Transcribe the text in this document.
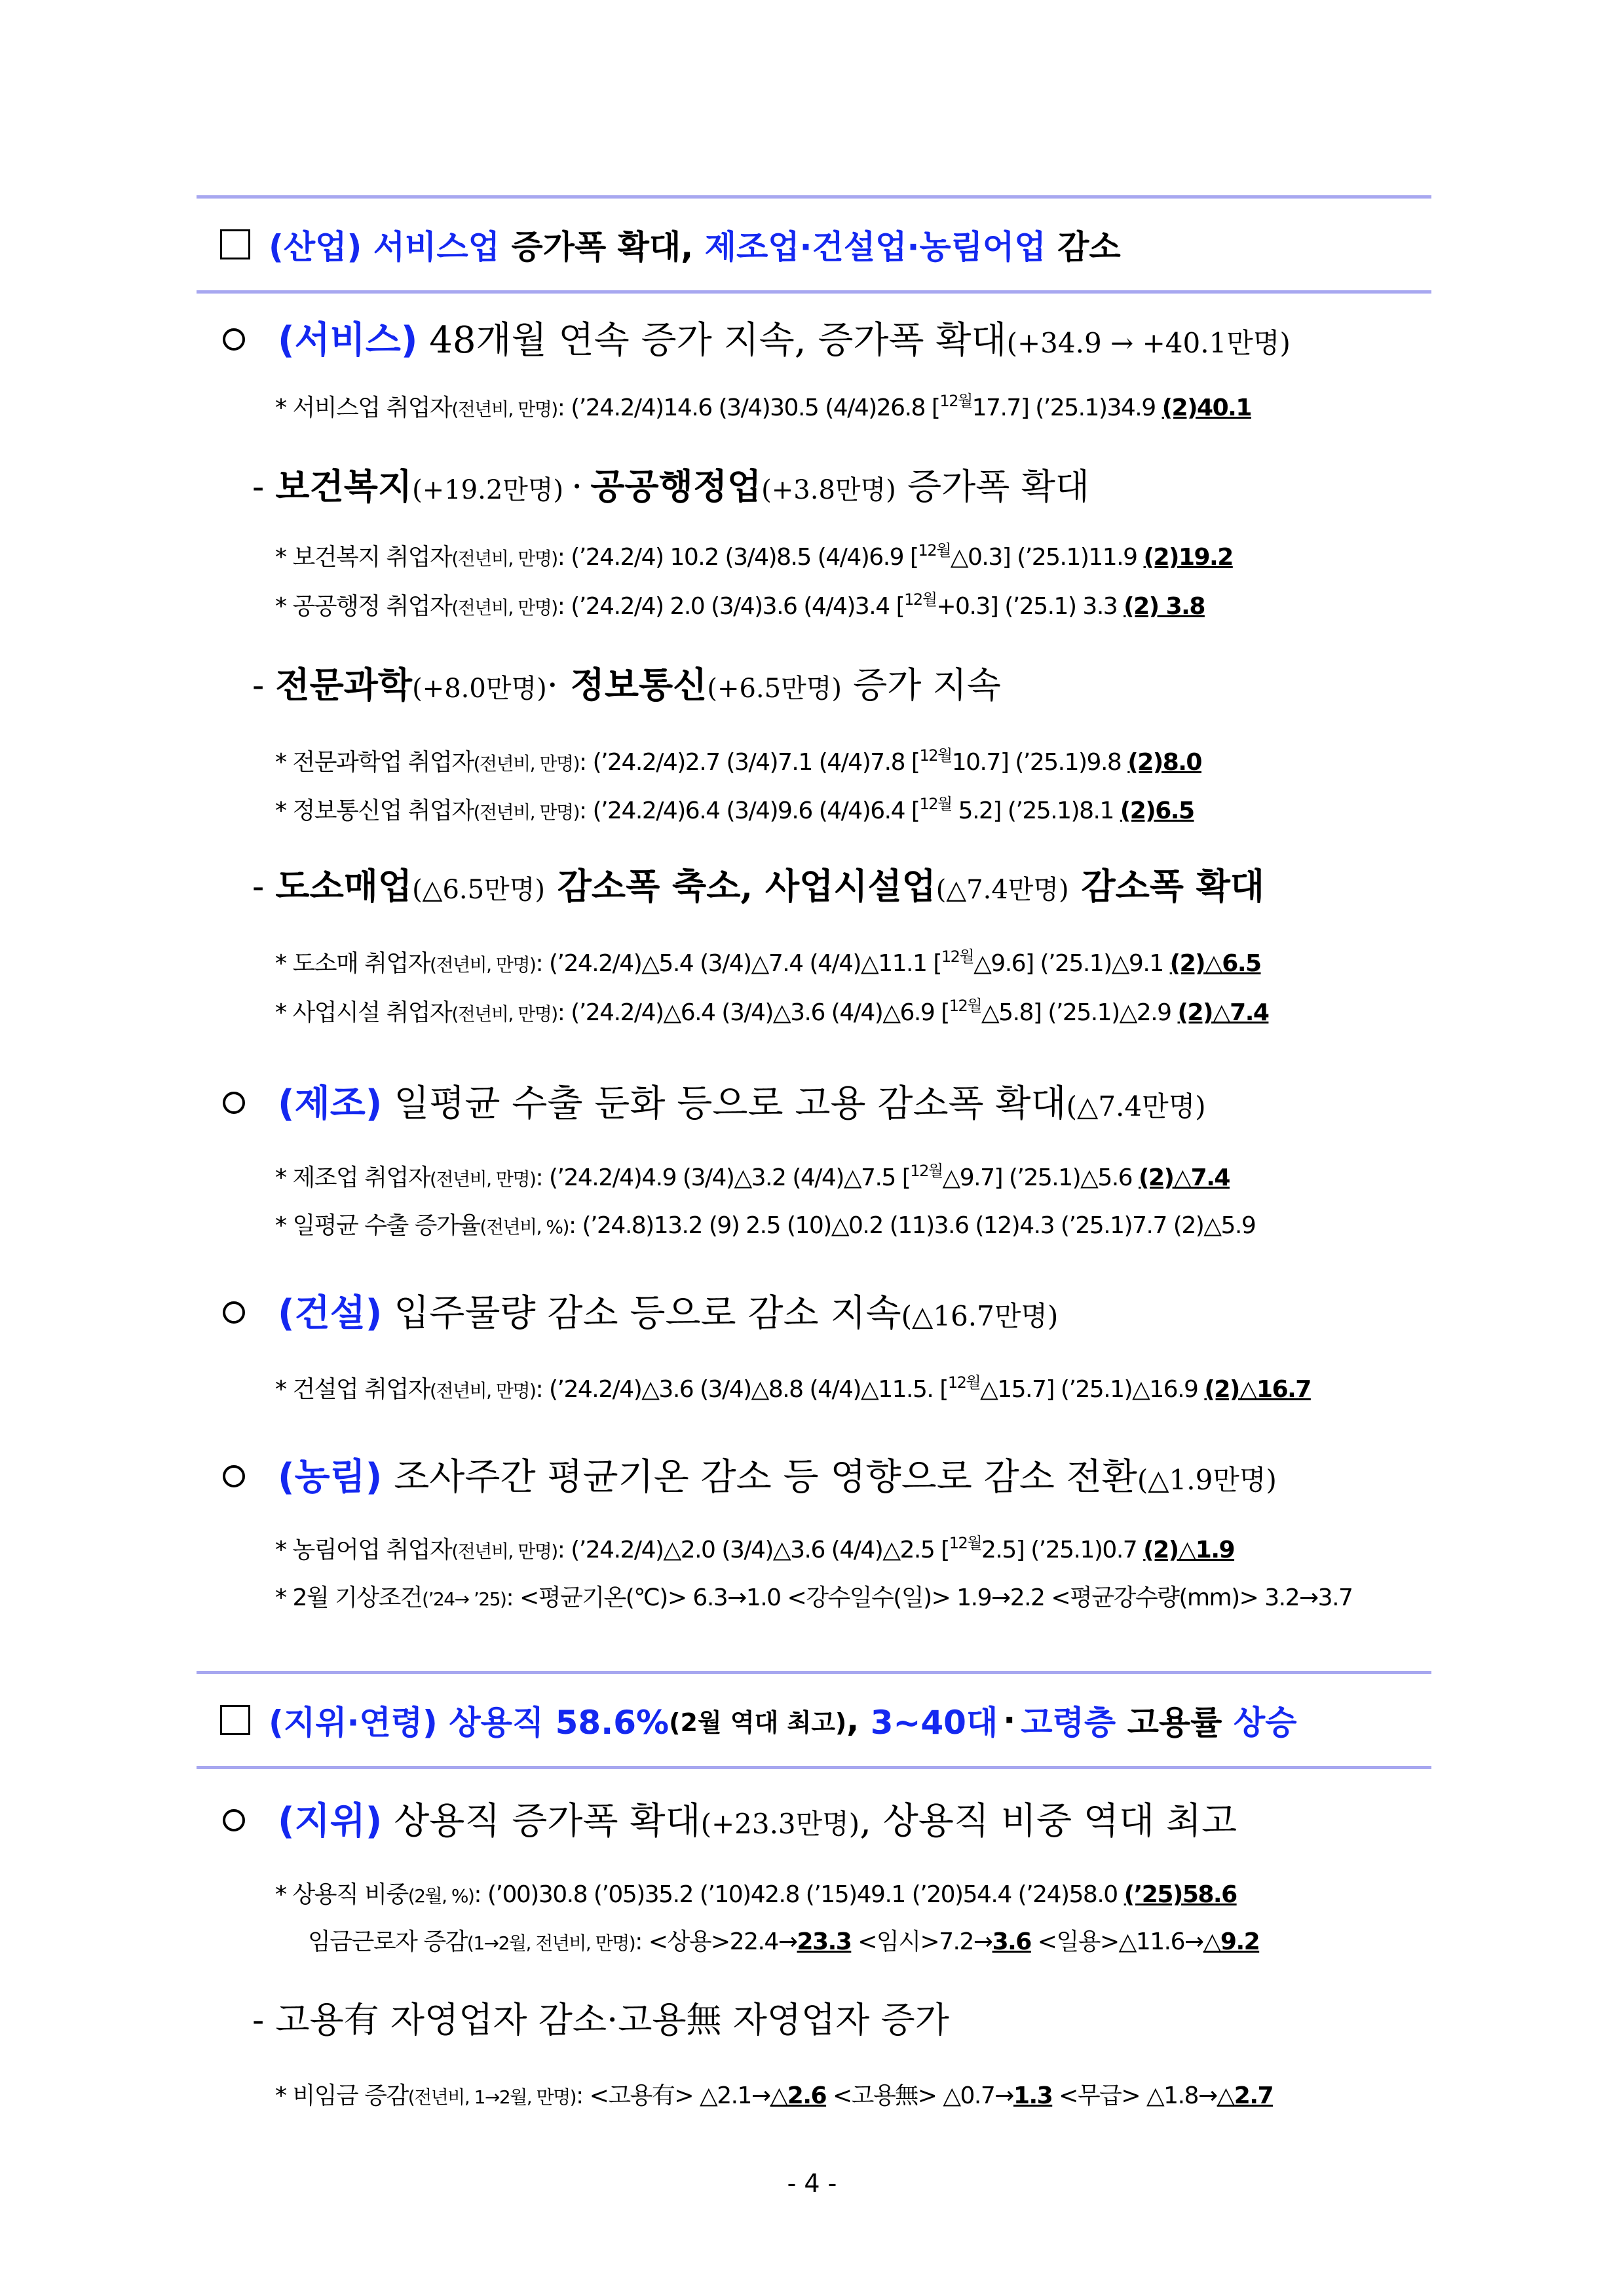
(산업)
서비스업 증가폭 확대, 제조업·건설업·농림어업 감소
(서비스) 48개월 연속 증가 지속, 증가폭 확대(+34.9 → +40.1만명)
* 서비스업 취업자(전년비, 만명): (’24.2/4)14.6 (3/4)30.5 (4/4)26.8 [$^{12월}$17.7] (’25.1)34.9 (2)40.1
- 보건복지(+19.2만명) · 공공행정업(+3.8만명) 증가폭 확대
* 보건복지 취업자(전년비, 만명): (’24.2/4) 10.2 (3/4)8.5 (4/4)6.9 [$^{12월}$△0.3] (’25.1)11.9 (2)19.2
* 공공행정 취업자(전년비, 만명): (’24.2/4) 2.0 (3/4)3.6 (4/4)3.4 [$^{12월}$+0.3] (’25.1) 3.3 (2) 3.8
- 전문과학(+8.0만명)· 정보통신(+6.5만명) 증가 지속
* 전문과학업 취업자(전년비, 만명): (’24.2/4)2.7 (3/4)7.1 (4/4)7.8 [$^{12월}$10.7] (’25.1)9.8 (2)8.0
* 정보통신업 취업자(전년비, 만명): (’24.2/4)6.4 (3/4)9.6 (4/4)6.4 [$^{12월}$ 5.2] (’25.1)8.1 (2)6.5
- 도소매업(△6.5만명) 감소폭 축소, 사업시설업(△7.4만명) 감소폭 확대
* 도소매 취업자(전년비, 만명): (’24.2/4)△5.4 (3/4)△7.4 (4/4)△11.1 [$^{12월}$△9.6] (’25.1)△9.1 (2)△6.5
* 사업시설 취업자(전년비, 만명): (’24.2/4)△6.4 (3/4)△3.6 (4/4)△6.9 [$^{12월}$△5.8] (’25.1)△2.9 (2)△7.4
(제조) 일평균 수출 둔화 등으로 고용 감소폭 확대(△7.4만명)
* 제조업 취업자(전년비, 만명): (’24.2/4)4.9 (3/4)△3.2 (4/4)△7.5 [$^{12월}$△9.7] (’25.1)△5.6 (2)△7.4
* 일평균 수출 증가율(전년비, %): (’24.8)13.2 (9) 2.5 (10)△0.2 (11)3.6 (12)4.3 (’25.1)7.7 (2)△5.9
(건설) 입주물량 감소 등으로 감소 지속(△16.7만명)
* 건설업 취업자(전년비, 만명): (’24.2/4)△3.6 (3/4)△8.8 (4/4)△11.5. [$^{12월}$△15.7] (’25.1)△16.9 (2)△16.7
(농림) 조사주간 평균기온 감소 등 영향으로 감소 전환(△1.9만명)
* 농림어업 취업자(전년비, 만명): (’24.2/4)△2.0 (3/4)△3.6 (4/4)△2.5 [$^{12월}$2.5] (’25.1)0.7 (2)△1.9
* 2월 기상조건(’24→ ’25): <평균기온(℃)> 6.3→1.0 <강수일수(일)> 1.9→2.2 <평균강수량(mm)> 3.2→3.7
(지위·연령) 상용직 58.6% (2월 역대 최고) , 3~40대 · 고령층 고용률 상승
(지위) 상용직 증가폭 확대(+23.3만명), 상용직 비중 역대 최고
* 상용직 비중(2월, %): (’00)30.8 (’05)35.2 (’10)42.8 (’15)49.1 (’20)54.4 (’24)58.0 (’25)58.6
임금근로자 증감(1→2월, 전년비, 만명): <상용>22.4→23.3 <임시>7.2→3.6 <일용>△11.6→△9.2
- 고용有 자영업자 감소·고용無 자영업자 증가
* 비임금 증감(전년비, 1→2월, 만명): <고용有> △2.1→△2.6 <고용無> △0.7→1.3 <무급> △1.8→△2.7
- 4 -
